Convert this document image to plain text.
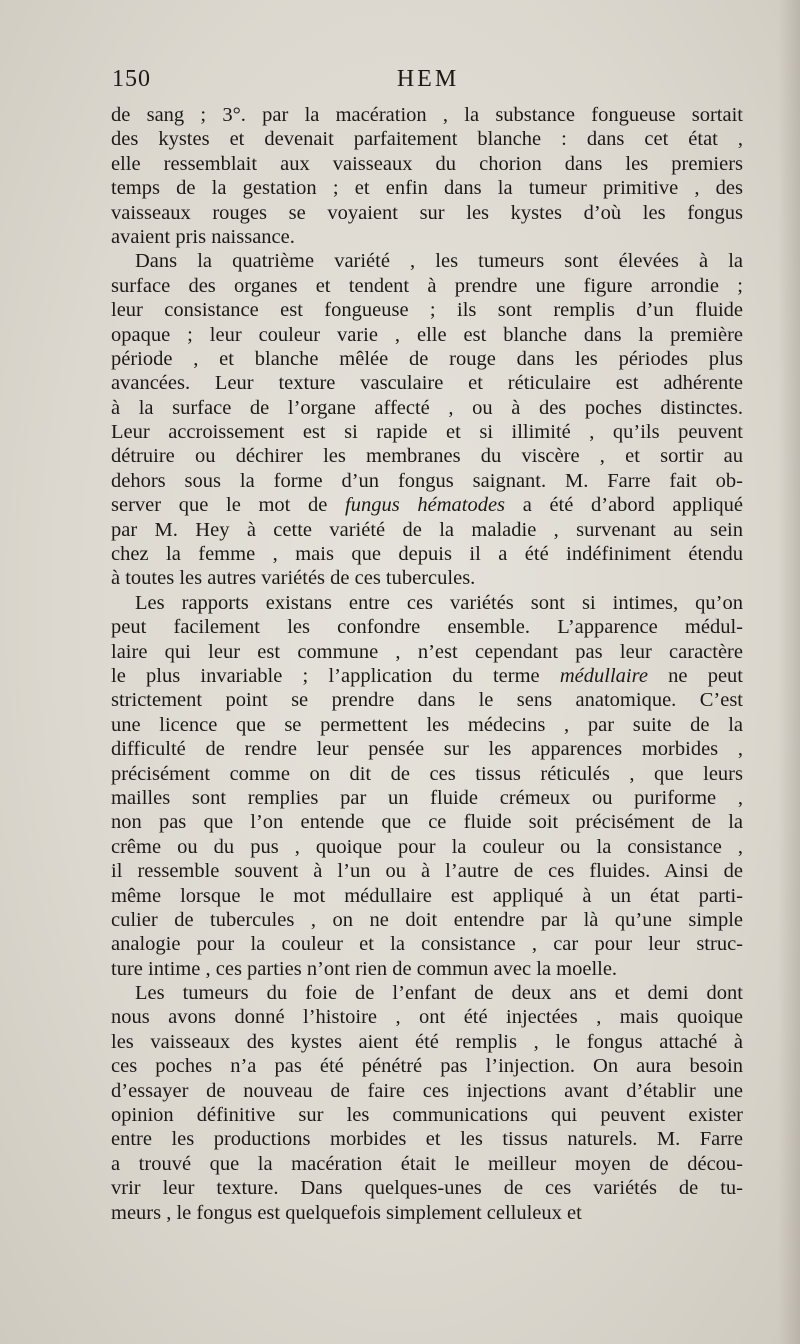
150	HEM
de sang ; 3°. par la macération , la substance fongueuse sortait
des kystes et devenait parfaitement blanche : dans cet état ,
elle ressemblait aux vaisseaux du chorion dans les premiers
temps de la gestation ; et enfin dans la tumeur primitive , des
vaisseaux rouges se voyaient sur les kystes d’où les fongus
avaient pris naissance.
Dans la quatrième variété , les tumeurs sont élevées à la
surface des organes et tendent à prendre une figure arrondie ;
leur consistance est fongueuse ; ils sont remplis d’un fluide
opaque ; leur couleur varie , elle est blanche dans la première
période , et blanche mêlée de rouge dans les périodes plus
avancées. Leur texture vasculaire et réticulaire est adhérente
à la surface de l’organe affecté , ou à des poches distinctes.
Leur accroissement est si rapide et si illimité , qu’ils peuvent
détruire ou déchirer les membranes du viscère , et sortir au
dehors sous la forme d’un fongus saignant. M. Farre fait ob-
server que le mot de fungus hématodes a été d’abord appliqué
par M. Hey à cette variété de la maladie , survenant au sein
chez la femme , mais que depuis il a été indéfiniment étendu
à toutes les autres variétés de ces tubercules.
Les rapports existans entre ces variétés sont si intimes, qu’on
peut facilement les confondre ensemble. L’apparence médul-
laire qui leur est commune , n’est cependant pas leur caractère
le plus invariable ; l’application du terme médullaire ne peut
strictement point se prendre dans le sens anatomique. C’est
une licence que se permettent les médecins , par suite de la
difficulté de rendre leur pensée sur les apparences morbides ,
précisément comme on dit de ces tissus réticulés , que leurs
mailles sont remplies par un fluide crémeux ou puriforme ,
non pas que l’on entende que ce fluide soit précisément de la
crême ou du pus , quoique pour la couleur ou la consistance ,
il ressemble souvent à l’un ou à l’autre de ces fluides. Ainsi de
même lorsque le mot médullaire est appliqué à un état parti-
culier de tubercules , on ne doit entendre par là qu’une simple
analogie pour la couleur et la consistance , car pour leur struc-
ture intime , ces parties n’ont rien de commun avec la moelle.
Les tumeurs du foie de l’enfant de deux ans et demi dont
nous avons donné l’histoire , ont été injectées , mais quoique
les vaisseaux des kystes aient été remplis , le fongus attaché à
ces poches n’a pas été pénétré pas l’injection. On aura besoin
d’essayer de nouveau de faire ces injections avant d’établir une
opinion définitive sur les communications qui peuvent exister
entre les productions morbides et les tissus naturels. M. Farre
a trouvé que la macération était le meilleur moyen de décou-
vrir leur texture. Dans quelques-unes de ces variétés de tu-
meurs , le fongus est quelquefois simplement celluleux et
